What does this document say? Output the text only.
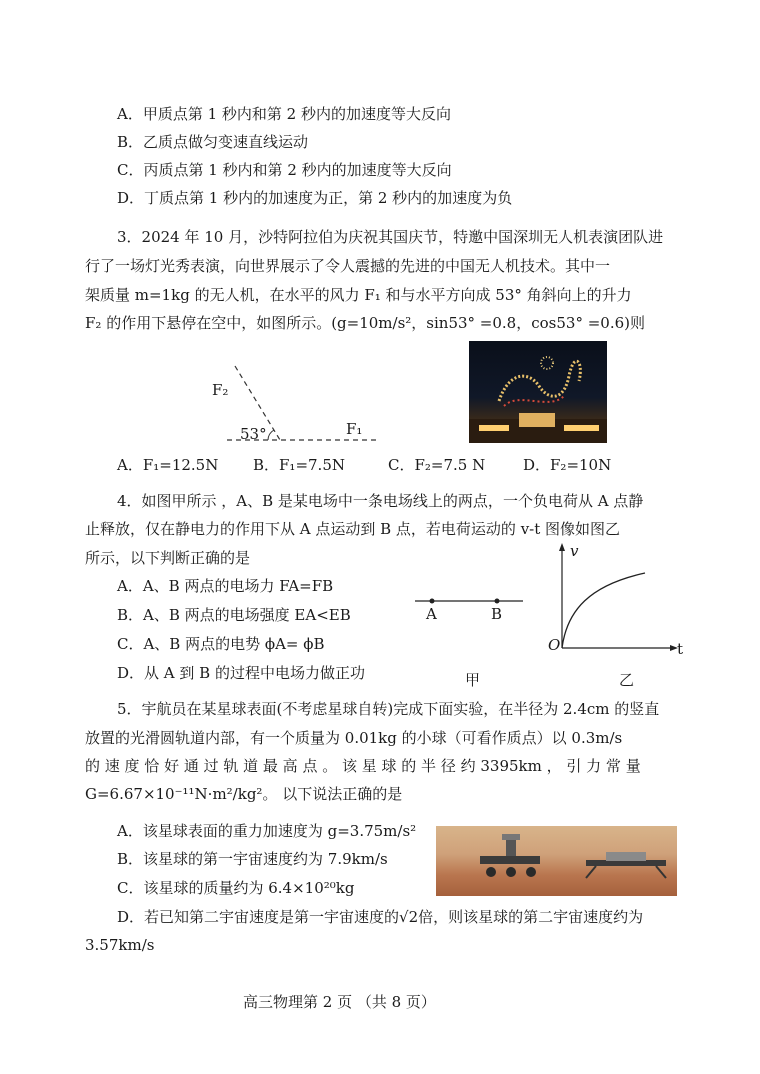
A．甲质点第 1 秒内和第 2 秒内的加速度等大反向
B．乙质点做匀变速直线运动
C．丙质点第 1 秒内和第 2 秒内的加速度等大反向
D．丁质点第 1 秒内的加速度为正，第 2 秒内的加速度为负
3．2024 年 10 月，沙特阿拉伯为庆祝其国庆节，特邀中国深圳无人机表演团队进
行了一场灯光秀表演，向世界展示了令人震撼的先进的中国无人机技术。其中一
架质量 m=1kg 的无人机，在水平的风力 F₁ 和与水平方向成 53° 角斜向上的升力
F₂ 的作用下悬停在空中，如图所示。(g=10m/s²，sin53° =0.8，cos53° =0.6)则
F₂
F₁
53°
A．F₁=12.5N B．F₁=7.5N	C．F₂=7.5 N	D．F₂=10N
4．如图甲所示 ，A、B 是某电场中一条电场线上的两点，一个负电荷从 A 点静
止释放，仅在静电力的作用下从 A 点运动到 B 点，若电荷运动的 v-t 图像如图乙
所示，以下判断正确的是
A．A、B 两点的电场力 FA=FB
B．A、B 两点的电场强度 EA<EB
C．A、B 两点的电势 ϕA= ϕB
D．从 A 到 B 的过程中电场力做正功
A	B
甲
v
t
O
乙
5．宇航员在某星球表面(不考虑星球自转)完成下面实验，在半径为 2.4cm 的竖直
放置的光滑圆轨道内部，有一个质量为 0.01kg 的小球（可看作质点）以 0.3m/s
的 速 度 恰 好 通 过 轨 道 最 高 点 。 该 星 球 的 半 径 约 3395km ， 引 力 常 量
G=6.67×10⁻¹¹N·m²/kg²。 以下说法正确的是
A．该星球表面的重力加速度为 g=3.75m/s²
B．该星球的第一宇宙速度约为 7.9km/s
C．该星球的质量约为 6.4×10²⁰kg
D．若已知第二宇宙速度是第一宇宙速度的√2倍，则该星球的第二宇宙速度约为
3.57km/s
高三物理第 2 页 （共 8 页）
